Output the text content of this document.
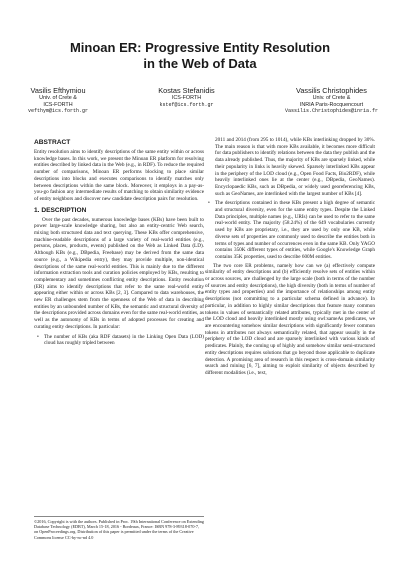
Minoan ER: Progressive Entity Resolution
in the Web of Data
Vasilis Efthymiou
Univ. of Crete &
ICS-FORTH
vefthym@ics.forth.gr
Kostas Stefanidis
ICS-FORTH
kstef@ics.forth.gr
Vassilis Christophides
Univ. of Crete &
INRIA Paris-Rocquencourt
Vassilis.Christophides@inria.fr
ABSTRACT

Entity resolution aims to identify descriptions of the same entity within or across knowledge bases. In this work, we present the Minoan ER platform for resolving entities described by linked data in the Web (e.g., in RDF). To reduce the required number of comparisons, Minoan ER performs blocking to place similar descriptions into blocks and executes comparisons to identify matches only between descriptions within the same block. Moreover, it employs in a pay-as-you-go fashion any intermediate results of matching to obtain similarity evidence of entity neighbors and discover new candidate description pairs for resolution.

1. DESCRIPTION

Over the past decades, numerous knowledge bases (KBs) have been built to power large-scale knowledge sharing, but also an entity-centric Web search, mixing both structured data and text querying. These KBs offer comprehensive, machine-readable descriptions of a large variety of real-world entities (e.g., persons, places, products, events) published on the Web as Linked Data (LD). Although KBs (e.g., DBpedia, Freebase) may be derived from the same data source (e.g., a Wikipedia entry), they may provide multiple, non-identical descriptions of the same real-world entities. This is mainly due to the different information extraction tools and curation policies employed by KBs, resulting to complementary and sometimes conflicting entity descriptions. Entity resolution (ER) aims to identify descriptions that refer to the same real-world entity appearing either within or across KBs [2, 3]. Compared to data warehouses, the new ER challenges stem from the openness of the Web of data in describing entities by an unbounded number of KBs, the semantic and structural diversity of the descriptions provided across domains even for the same real-world entities, as well as the autonomy of KBs in terms of adopted processes for creating and curating entity descriptions. In particular:

• The number of KBs (aka RDF datasets) in the Linking Open Data (LOD) cloud has roughly tripled between

2011 and 2014 (from 295 to 1014), while KBs interlinking dropped by 30%. The main reason is that with more KBs available, it becomes more difficult for data publishers to identify relations between the data they publish and the data already published. Thus, the majority of KBs are sparsely linked, while their popularity in links is heavily skewed. Sparsely interlinked KBs appear in the periphery of the LOD cloud (e.g., Open Food Facts, Bio2RDF), while heavily interlinked ones lie at the center (e.g., DBpedia, GeoNames). Encyclopaedic KBs, such as DBpedia, or widely used georeferencing KBs, such as GeoNames, are interlinked with the largest number of KBs [4].

• The descriptions contained in these KBs present a high degree of semantic and structural diversity, even for the same entity types. Despite the Linked Data principles, multiple names (e.g., URIs) can be used to refer to the same real-world entity. The majority (58.24%) of the 649 vocabularies currently used by KBs are proprietary, i.e., they are used by only one KB, while diverse sets of properties are commonly used to describe the entities both in terms of types and number of occurrences even in the same KB. Only YAGO contains 350K different types of entities, while Google's Knowledge Graph contains 35K properties, used to describe 600M entities.

The two core ER problems, namely how can we (a) effectively compute similarity of entity descriptions and (b) efficiently resolve sets of entities within or across sources, are challenged by the large scale (both in terms of the number of sources and entity descriptions), the high diversity (both in terms of number of entity types and properties) and the importance of relationships among entity descriptions (not committing to a particular schema defined in advance). In particular, in addition to highly similar descriptions that feature many common tokens in values of semantically related attributes, typically met in the center of the LOD cloud and heavily interlinked mostly using owl:sameAs predicates, we are encountering somehow similar descriptions with significantly fewer common tokens in attributes not always semantically related, that appear usually in the periphery of the LOD cloud and are sparsely interlinked with various kinds of predicates. Plainly, the coming up of highly and somehow similar semi-structured entity descriptions requires solutions that go beyond those applicable to duplicate detection. A promising area of research in this respect is cross-domain similarity search and mining [6, 7], aiming to exploit similarity of objects described by different modalities (i.e., text,

©2016, Copyright is with the authors. Published in Proc. 19th International Conference on Extending Database Technology (EDBT), March 15-18, 2016 - Bordeaux, France: ISBN 978-3-89318-070-7, on OpenProceedings.org. Distribution of this paper is permitted under the terms of the Creative Commons license CC-by-nc-nd 4.0
